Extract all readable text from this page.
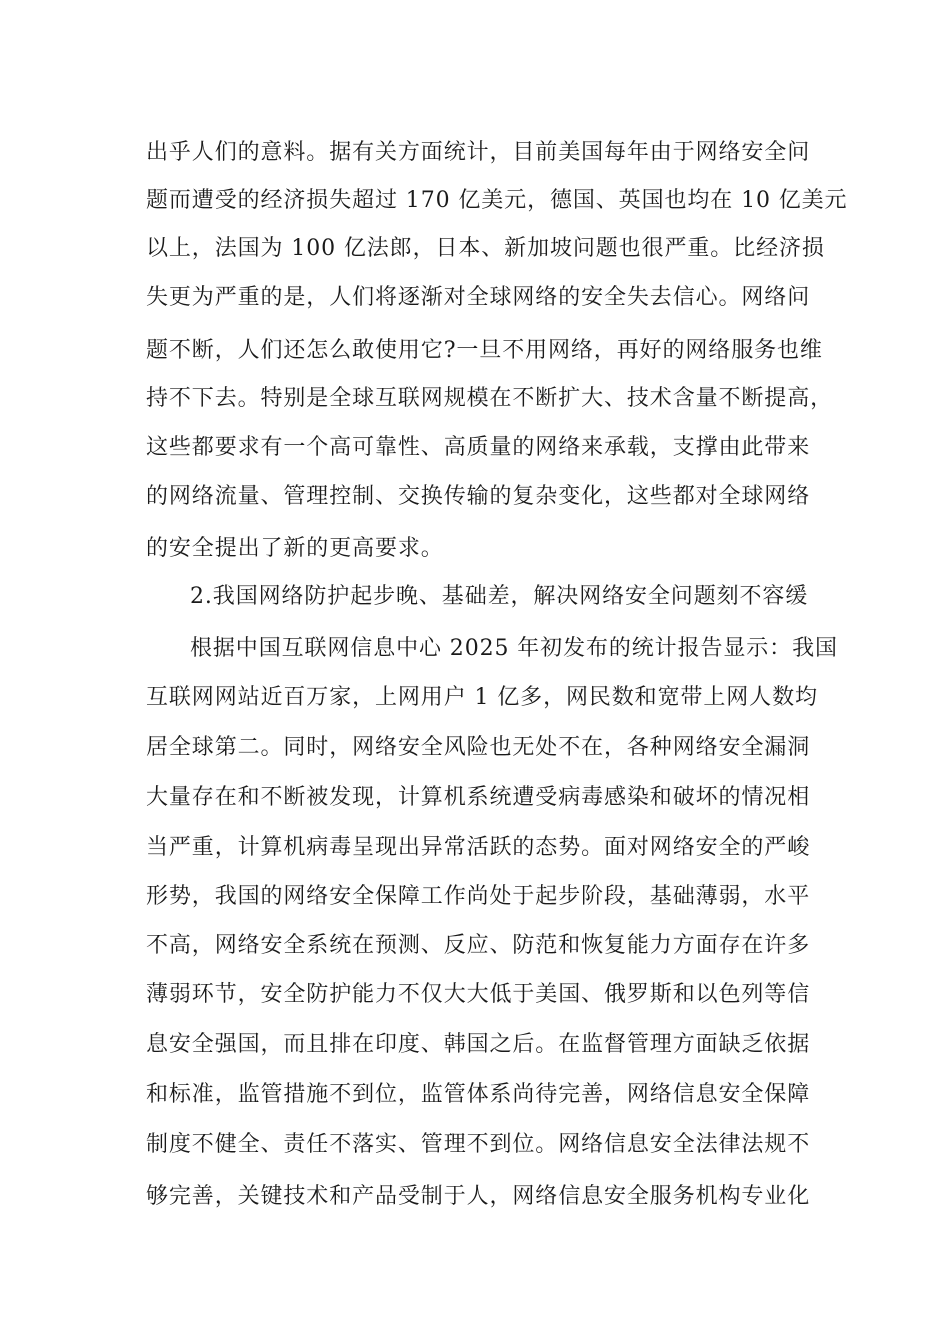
出乎人们的意料。据有关方面统计，目前美国每年由于网络安全问
题而遭受的经济损失超过 170 亿美元，德国、英国也均在 10 亿美元
以上，法国为 100 亿法郎，日本、新加坡问题也很严重。比经济损
失更为严重的是，人们将逐渐对全球网络的安全失去信心。网络问
题不断，人们还怎么敢使用它?一旦不用网络，再好的网络服务也维
持不下去。特别是全球互联网规模在不断扩大、技术含量不断提高，
这些都要求有一个高可靠性、高质量的网络来承载，支撑由此带来
的网络流量、管理控制、交换传输的复杂变化，这些都对全球网络
的安全提出了新的更高要求。
2.我国网络防护起步晚、基础差，解决网络安全问题刻不容缓
根据中国互联网信息中心 2025 年初发布的统计报告显示：我国
互联网网站近百万家，上网用户 1 亿多，网民数和宽带上网人数均
居全球第二。同时，网络安全风险也无处不在，各种网络安全漏洞
大量存在和不断被发现，计算机系统遭受病毒感染和破坏的情况相
当严重，计算机病毒呈现出异常活跃的态势。面对网络安全的严峻
形势，我国的网络安全保障工作尚处于起步阶段，基础薄弱，水平
不高，网络安全系统在预测、反应、防范和恢复能力方面存在许多
薄弱环节，安全防护能力不仅大大低于美国、俄罗斯和以色列等信
息安全强国，而且排在印度、韩国之后。在监督管理方面缺乏依据
和标准，监管措施不到位，监管体系尚待完善，网络信息安全保障
制度不健全、责任不落实、管理不到位。网络信息安全法律法规不
够完善，关键技术和产品受制于人，网络信息安全服务机构专业化
